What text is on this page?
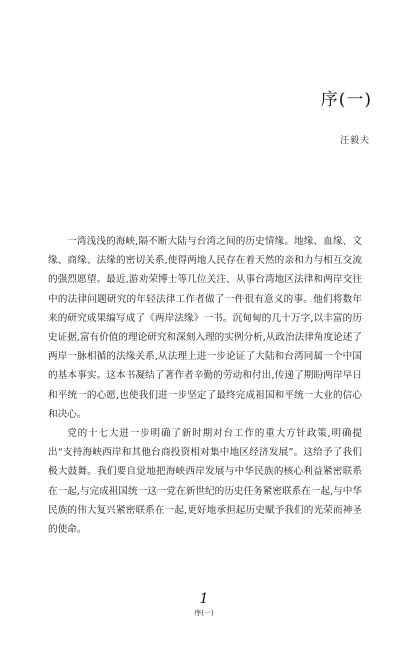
序(一)
汪毅夫

一湾浅浅的海峡,隔不断大陆与台湾之间的历史情缘。地缘、血缘、文缘、商缘、法缘的密切关系,使得两地人民存在着天然的亲和力与相互交流的强烈愿望。最近,游劝荣博士等几位关注、从事台湾地区法律和两岸交往中的法律问题研究的年轻法律工作者做了一件很有意义的事。他们将数年来的研究成果编写成了《两岸法缘》一书。沉甸甸的几十万字,以丰富的历史证据,富有价值的理论研究和深刻入理的实例分析,从政治法律角度论述了两岸一脉相循的法缘关系,从法理上进一步论证了大陆和台湾同属一个中国的基本事实。这本书凝结了著作者辛勤的劳动和付出,传递了期盼两岸早日和平统一的心愿,也使我们进一步坚定了最终完成祖国和平统一大业的信心和决心。

党的十七大进一步明确了新时期对台工作的重大方针政策,明确提出“支持海峡西岸和其他台商投资相对集中地区经济发展”。这给予了我们极大鼓舞。我们要自觉地把海峡西岸发展与中华民族的核心利益紧密联系在一起,与完成祖国统一这一党在新世纪的历史任务紧密联系在一起,与中华民族的伟大复兴紧密联系在一起,更好地承担起历史赋予我们的光荣而神圣的使命。

1
序(一)
